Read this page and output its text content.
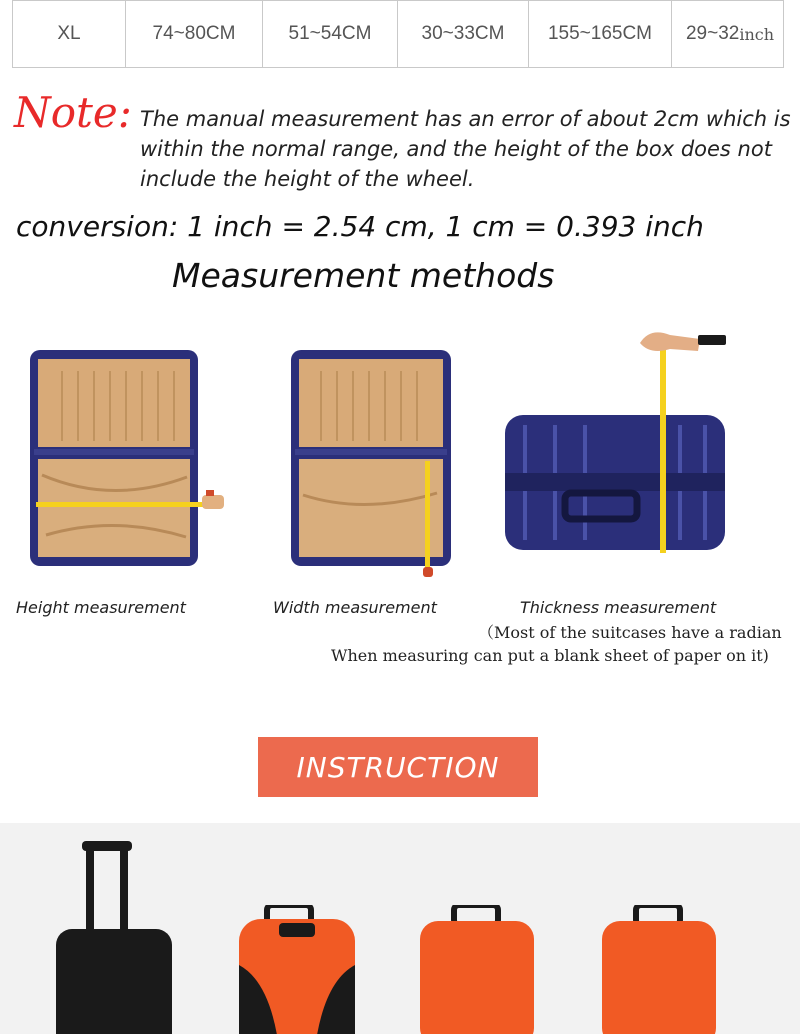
XL	74~80CM	51~54CM	30~33CM	155~165CM	29~32 inch
Note: The manual measurement has an error of about 2cm which is within the normal range, and the height of the box does not include the height of the wheel.
conversion: 1 inch = 2.54 cm, 1 cm = 0.393 inch
Measurement methods
Height measurement	Width measurement	Thickness measurement
（Most of the suitcases have a radian
When measuring can put a blank sheet of paper on it)
INSTRUCTION
